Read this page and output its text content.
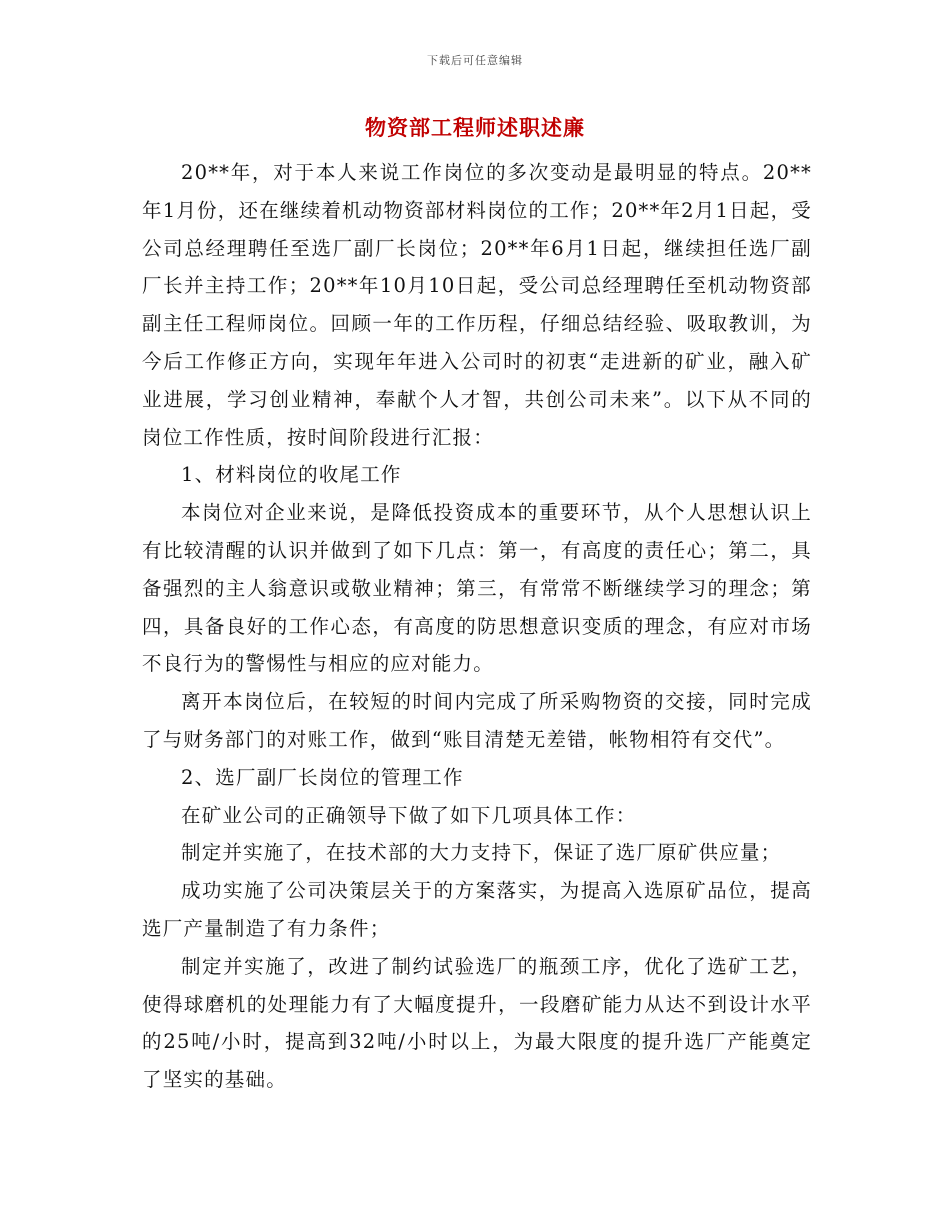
下载后可任意编辑
物资部工程师述职述廉

20**年，对于本人来说工作岗位的多次变动是最明显的特点。20**年1月份，还在继续着机动物资部材料岗位的工作；20**年2月1日起，受公司总经理聘任至选厂副厂长岗位；20**年6月1日起，继续担任选厂副厂长并主持工作；20**年10月10日起，受公司总经理聘任至机动物资部副主任工程师岗位。回顾一年的工作历程，仔细总结经验、吸取教训，为今后工作修正方向，实现年年进入公司时的初衷“走进新的矿业，融入矿业进展，学习创业精神，奉献个人才智，共创公司未来”。以下从不同的岗位工作性质，按时间阶段进行汇报：

1、材料岗位的收尾工作

本岗位对企业来说，是降低投资成本的重要环节，从个人思想认识上有比较清醒的认识并做到了如下几点：第一，有高度的责任心；第二，具备强烈的主人翁意识或敬业精神；第三，有常常不断继续学习的理念；第四，具备良好的工作心态，有高度的防思想意识变质的理念，有应对市场不良行为的警惕性与相应的应对能力。

离开本岗位后，在较短的时间内完成了所采购物资的交接，同时完成了与财务部门的对账工作，做到“账目清楚无差错，帐物相符有交代”。

2、选厂副厂长岗位的管理工作

在矿业公司的正确领导下做了如下几项具体工作：

制定并实施了，在技术部的大力支持下，保证了选厂原矿供应量；

成功实施了公司决策层关于的方案落实，为提高入选原矿品位，提高选厂产量制造了有力条件；

制定并实施了，改进了制约试验选厂的瓶颈工序，优化了选矿工艺，使得球磨机的处理能力有了大幅度提升，一段磨矿能力从达不到设计水平的25吨/小时，提高到32吨/小时以上，为最大限度的提升选厂产能奠定了坚实的基础。
